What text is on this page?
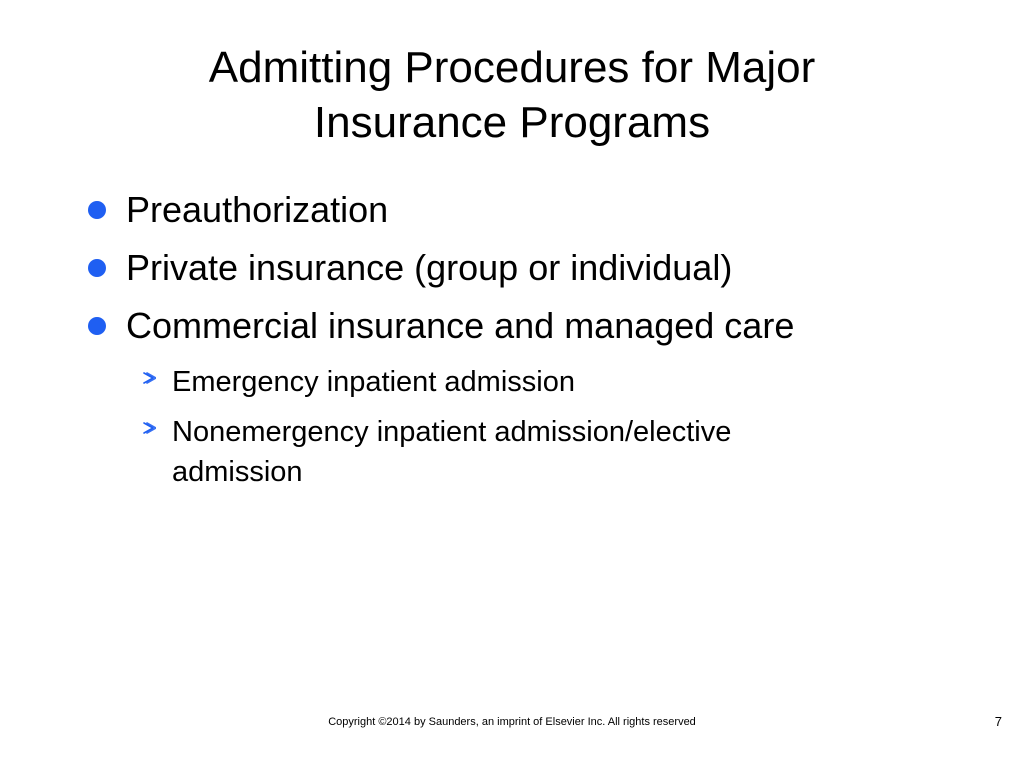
Admitting Procedures for Major
Insurance Programs
Preauthorization
Private insurance (group or individual)
Commercial insurance and managed care
Emergency inpatient admission
Nonemergency inpatient admission/elective admission
Copyright ©2014 by Saunders, an imprint of Elsevier Inc. All rights reserved	7
